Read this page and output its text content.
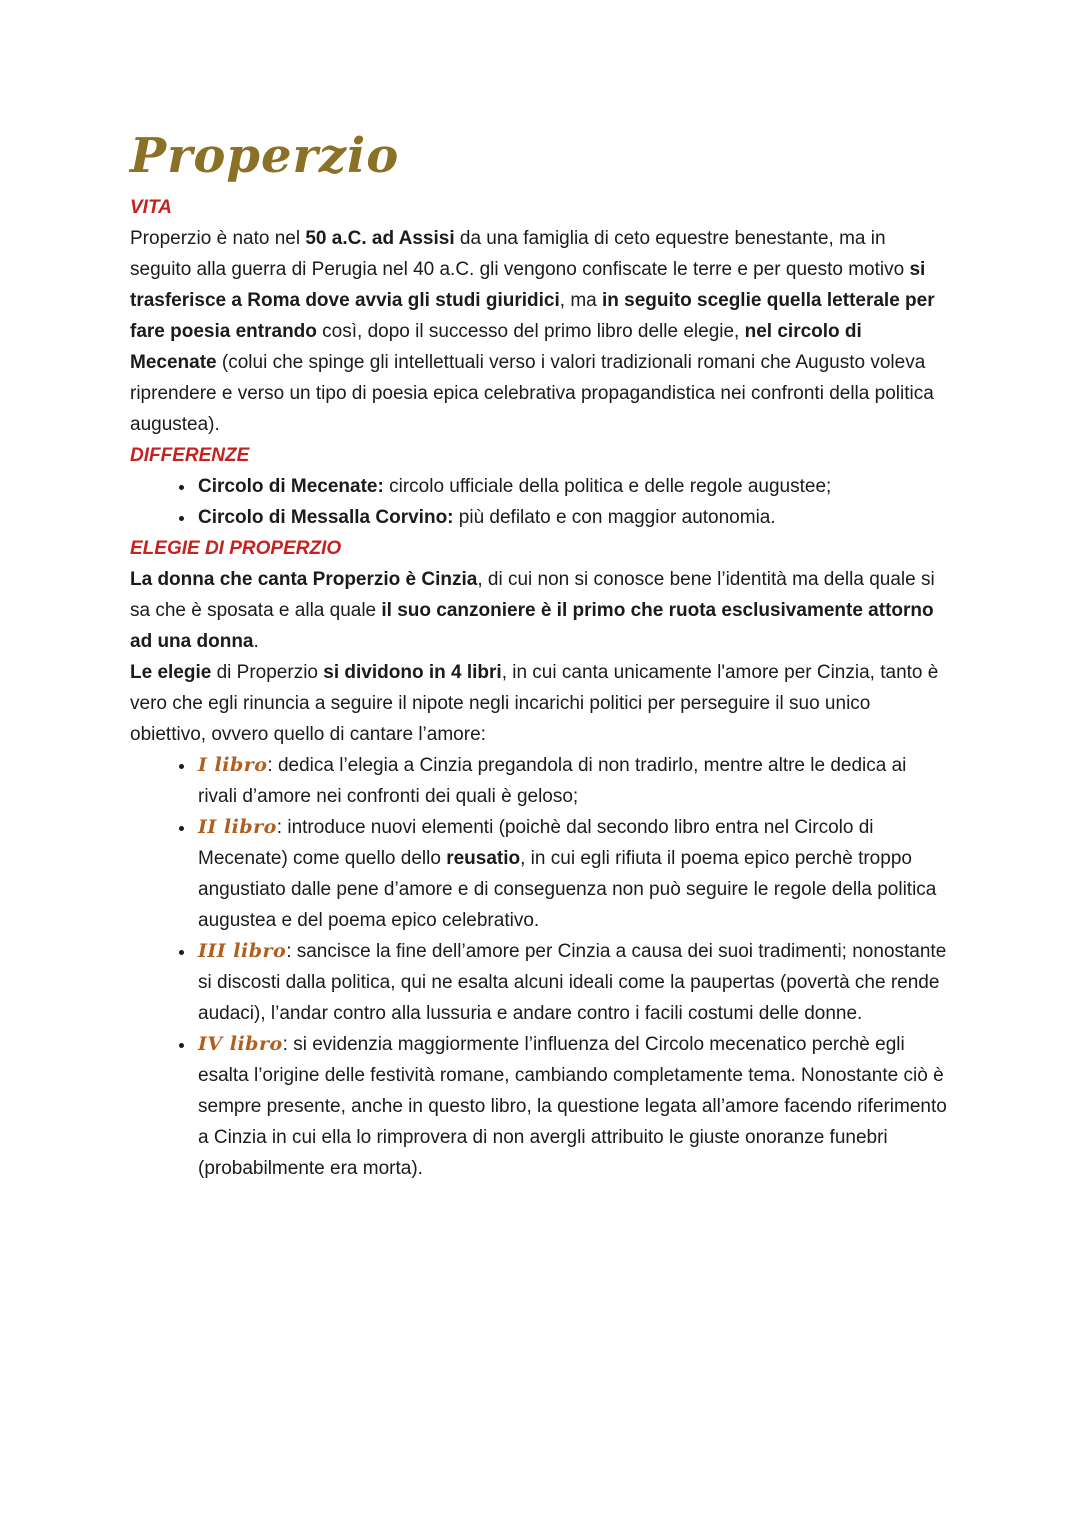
Properzio
VITA

Properzio è nato nel 50 a.C. ad Assisi da una famiglia di ceto equestre benestante, ma in seguito alla guerra di Perugia nel 40 a.C. gli vengono confiscate le terre e per questo motivo si trasferisce a Roma dove avvia gli studi giuridici, ma in seguito sceglie quella letterale per fare poesia entrando così, dopo il successo del primo libro delle elegie, nel circolo di Mecenate (colui che spinge gli intellettuali verso i valori tradizionali romani che Augusto voleva riprendere e verso un tipo di poesia epica celebrativa propagandistica nei confronti della politica augustea).

DIFFERENZE
• Circolo di Mecenate: circolo ufficiale della politica e delle regole augustee;
• Circolo di Messalla Corvino: più defilato e con maggior autonomia.
ELEGIE DI PROPERZIO

La donna che canta Properzio è Cinzia, di cui non si conosce bene l’identità ma della quale si sa che è sposata e alla quale il suo canzoniere è il primo che ruota esclusivamente attorno ad una donna.

Le elegie di Properzio si dividono in 4 libri, in cui canta unicamente l'amore per Cinzia, tanto è vero che egli rinuncia a seguire il nipote negli incarichi politici per perseguire il suo unico obiettivo, ovvero quello di cantare l’amore:

• I libro: dedica l’elegia a Cinzia pregandola di non tradirlo, mentre altre le dedica ai rivali d’amore nei confronti dei quali è geloso;
• II libro: introduce nuovi elementi (poichè dal secondo libro entra nel Circolo di Mecenate) come quello dello reusatio, in cui egli rifiuta il poema epico perchè troppo angustiato dalle pene d’amore e di conseguenza non può seguire le regole della politica augustea e del poema epico celebrativo.
• III libro: sancisce la fine dell’amore per Cinzia a causa dei suoi tradimenti; nonostante si discosti dalla politica, qui ne esalta alcuni ideali come la paupertas (povertà che rende audaci), l’andar contro alla lussuria e andare contro i facili costumi delle donne.
• IV libro: si evidenzia maggiormente l’influenza del Circolo mecenatico perchè egli esalta l’origine delle festività romane, cambiando completamente tema. Nonostante ciò è sempre presente, anche in questo libro, la questione legata all’amore facendo riferimento a Cinzia in cui ella lo rimprovera di non avergli attribuito le giuste onoranze funebri (probabilmente era morta).
